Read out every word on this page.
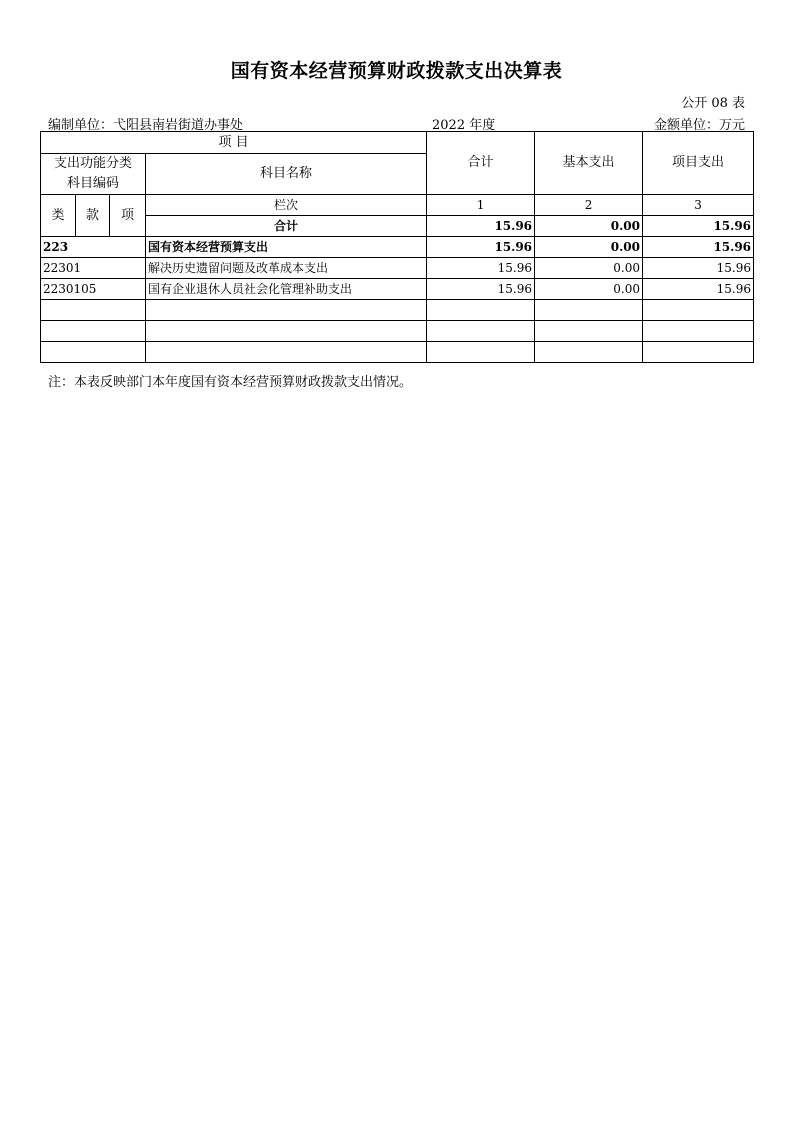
国有资本经营预算财政拨款支出决算表
公开 08 表
编制单位：弋阳县南岩街道办事处	2022 年度	金额单位：万元
项 目				合计	基本支出	项目支出
支出功能分类
科目编码			科目名称			

类	款	项	栏次	1	2	3
			合计	15.96	0.00	15.96
223			国有资本经营预算支出	15.96	0.00	15.96
22301			解决历史遗留问题及改革成本支出	15.96	0.00	15.96
2230105			国有企业退休人员社会化管理补助支出	15.96	0.00	15.96

注：本表反映部门本年度国有资本经营预算财政拨款支出情况。
